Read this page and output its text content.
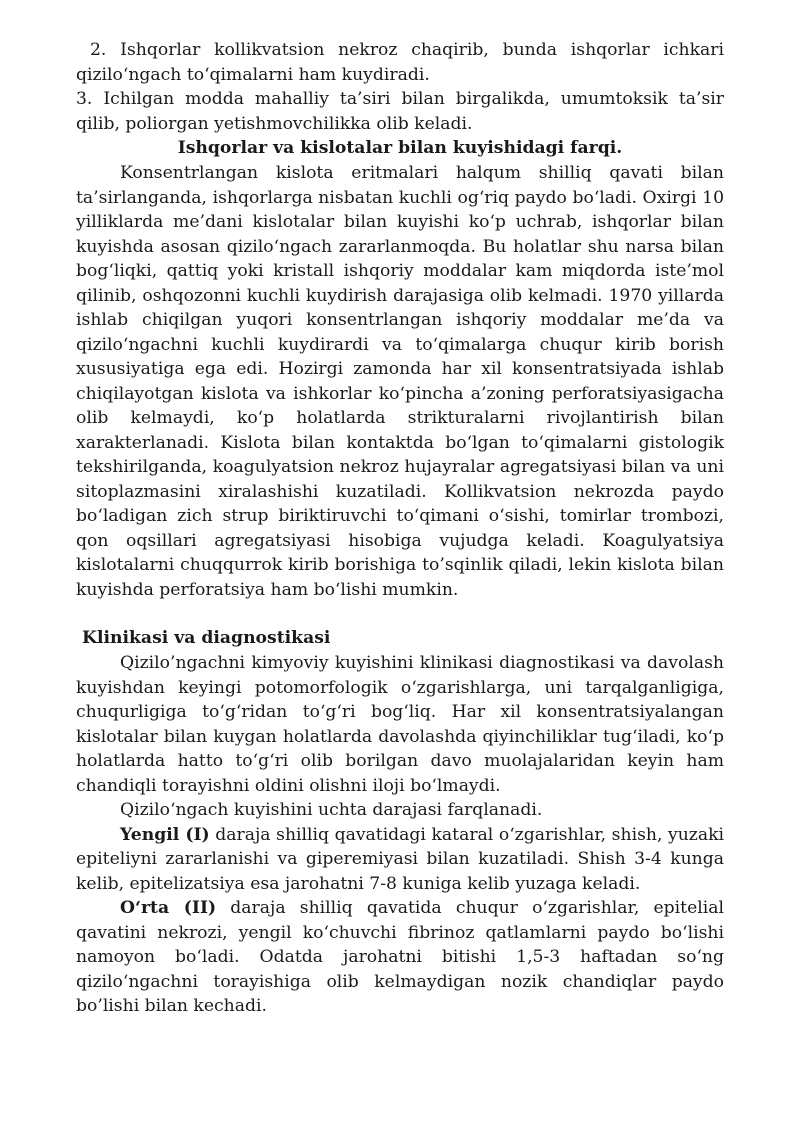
2. Ishqorlar kollikvatsion nekroz chaqirib, bunda ishqorlar ichkari qizilo‘ngach to‘qimalarni ham kuydiradi.

3. Ichilgan modda mahalliy ta’siri bilan birgalikda, umumtoksik ta’sir qilib, poliorgan yetishmovchilikka olib keladi.

Ishqorlar va kislotalar bilan kuyishidagi farqi.

Konsentrlangan kislota eritmalari halqum shilliq qavati bilan ta’sirlanganda, ishqorlarga nisbatan kuchli og‘riq paydo bo‘ladi. Oxirgi 10 yilliklarda me’dani kislotalar bilan kuyishi ko‘p uchrab, ishqorlar bilan kuyishda asosan qizilo‘ngach zararlanmoqda. Bu holatlar shu narsa bilan bog‘liqki, qattiq yoki kristall ishqoriy moddalar kam miqdorda iste’mol qilinib, oshqozonni kuchli kuydirish darajasiga olib kelmadi. 1970 yillarda ishlab chiqilgan yuqori konsentrlangan ishqoriy moddalar me’da va qizilo‘ngachni kuchli kuydirardi va to‘qimalarga chuqur kirib borish xususiyatiga ega edi. Hozirgi zamonda har xil konsentratsiyada ishlab chiqilayotgan kislota va ishkorlar ko‘pincha a’zoning perforatsiyasigacha olib kelmaydi, ko‘p holatlarda strikturalarni rivojlantirish bilan xarakterlanadi. Kislota bilan kontaktda bo‘lgan to‘qimalarni gistologik tekshirilganda, koagulyatsion nekroz hujayralar agregatsiyasi bilan va uni sitoplazmasini xiralashishi kuzatiladi. Kollikvatsion nekrozda paydo bo‘ladigan zich strup biriktiruvchi to‘qimani o‘sishi, tomirlar trombozi, qon oqsillari agregatsiyasi hisobiga vujudga keladi. Koagulyatsiya kislotalarni chuqqurrok kirib borishiga to’sqinlik qiladi, lekin kislota bilan kuyishda perforatsiya ham bo‘lishi mumkin.

Klinikasi va diagnostikasi

Qizilo’ngachni kimyoviy kuyishini klinikasi diagnostikasi va davolash kuyishdan keyingi potomorfologik o‘zgarishlarga, uni tarqalganligiga, chuqurligiga to‘g‘ridan to‘g‘ri bog‘liq. Har xil konsentratsiyalangan kislotalar bilan kuygan holatlarda davolashda qiyinchiliklar tug‘iladi, ko‘p holatlarda hatto to‘g‘ri olib borilgan davo muolajalaridan keyin ham chandiqli torayishni oldini olishni iloji bo‘lmaydi.

Qizilo‘ngach kuyishini uchta darajasi farqlanadi.

Yengil (I) daraja shilliq qavatidagi kataral o‘zgarishlar, shish, yuzaki epiteliyni zararlanishi va giperemiyasi bilan kuzatiladi. Shish 3-4 kunga kelib, epitelizatsiya esa jarohatni 7-8 kuniga kelib yuzaga keladi.

O‘rta (II) daraja shilliq qavatida chuqur o‘zgarishlar, epitelial qavatini nekrozi, yengil ko‘chuvchi fibrinoz qatlamlarni paydo bo‘lishi namoyon bo‘ladi. Odatda jarohatni bitishi 1,5-3 haftadan so‘ng qizilo‘ngachni torayishiga olib kelmaydigan nozik chandiqlar paydo bo’lishi bilan kechadi.
